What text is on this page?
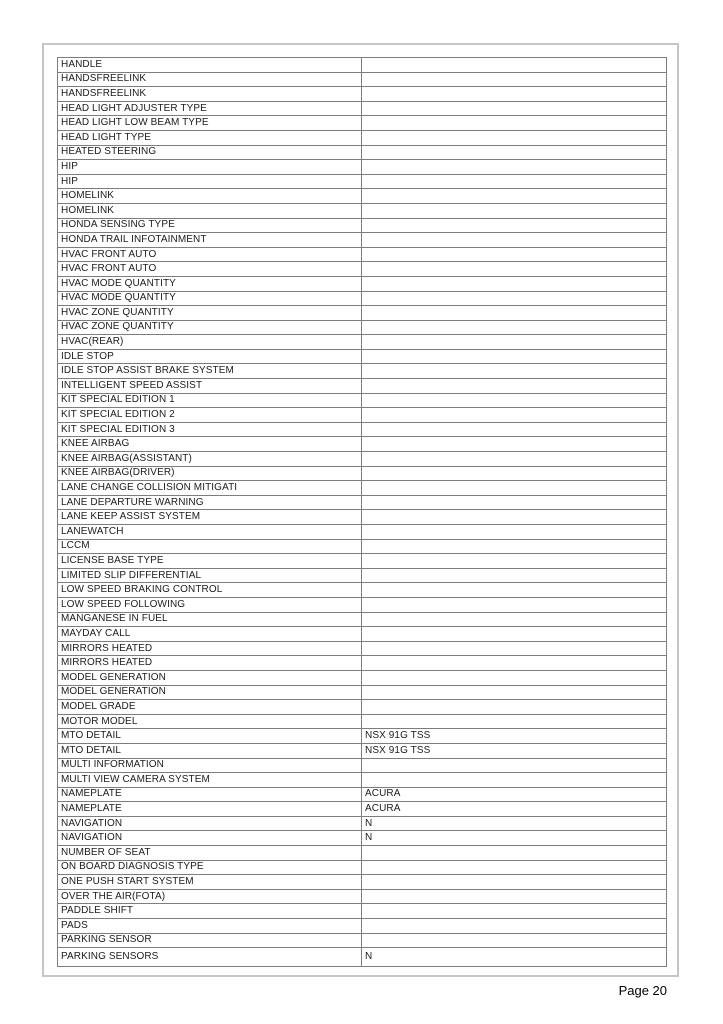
HANDLE
HANDSFREELINK
HANDSFREELINK
HEAD LIGHT ADJUSTER TYPE
HEAD LIGHT LOW BEAM TYPE
HEAD LIGHT TYPE
HEATED STEERING
HIP
HIP
HOMELINK
HOMELINK
HONDA SENSING TYPE
HONDA TRAIL INFOTAINMENT
HVAC FRONT AUTO
HVAC FRONT AUTO
HVAC MODE QUANTITY
HVAC MODE QUANTITY
HVAC ZONE QUANTITY
HVAC ZONE QUANTITY
HVAC(REAR)
IDLE STOP
IDLE STOP ASSIST BRAKE SYSTEM
INTELLIGENT SPEED ASSIST
KIT SPECIAL EDITION 1
KIT SPECIAL EDITION 2
KIT SPECIAL EDITION 3
KNEE AIRBAG
KNEE AIRBAG(ASSISTANT)
KNEE AIRBAG(DRIVER)
LANE CHANGE COLLISION MITIGATI
LANE DEPARTURE WARNING
LANE KEEP ASSIST SYSTEM
LANEWATCH
LCCM
LICENSE BASE TYPE
LIMITED SLIP DIFFERENTIAL
LOW SPEED BRAKING CONTROL
LOW SPEED FOLLOWING
MANGANESE IN FUEL
MAYDAY CALL
MIRRORS HEATED
MIRRORS HEATED
MODEL GENERATION
MODEL GENERATION
MODEL GRADE
MOTOR MODEL
MTO DETAIL	NSX 91G TSS
MTO DETAIL	NSX 91G TSS
MULTI INFORMATION
MULTI VIEW CAMERA SYSTEM
NAMEPLATE	ACURA
NAMEPLATE	ACURA
NAVIGATION	N
NAVIGATION	N
NUMBER OF SEAT
ON BOARD DIAGNOSIS TYPE
ONE PUSH START SYSTEM
OVER THE AIR(FOTA)
PADDLE SHIFT
PADS
PARKING SENSOR
PARKING SENSORS	N
Page 20
